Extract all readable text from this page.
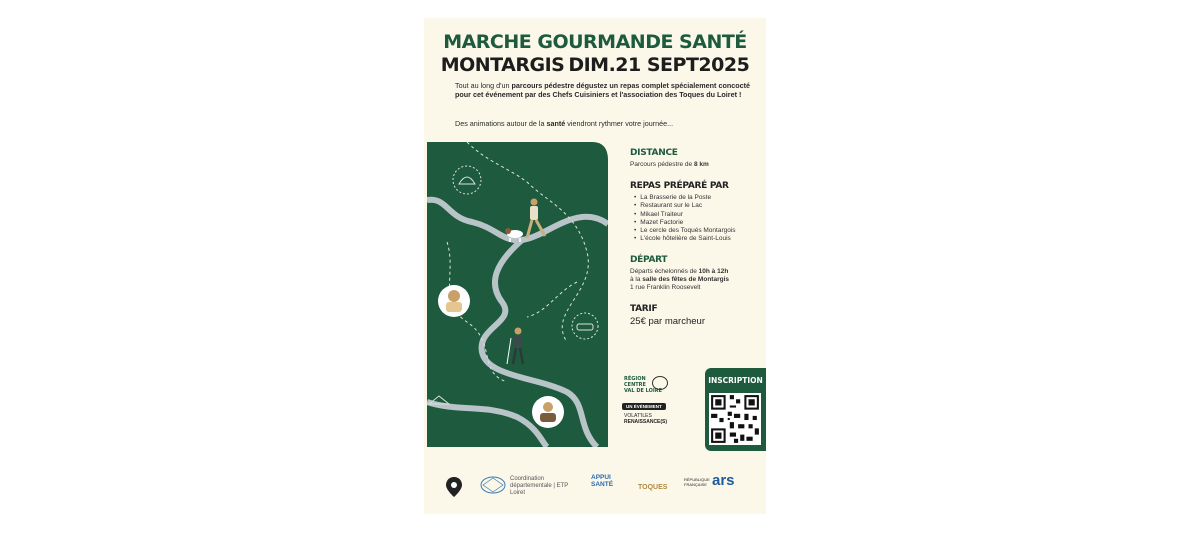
MARCHE GOURMANDE SANTÉ
MONTARGIS DIM.21 SEPT2025
Tout au long d'un parcours pédestre dégustez un repas complet spécialement concocté pour cet événement par des Chefs Cuisiniers et l'association des Toques du Loiret !
Des animations autour de la santé viendront rythmer votre journée...
DISTANCE
Parcours pédestre de 8 km
REPAS PRÉPARÉ PAR
• La Brasserie de la Poste
• Restaurant sur le Lac
• Mikael Traiteur
• Mazet Factorie
• Le cercle des Toqués Montargois
• L'école hôtelière de Saint-Louis
DÉPART
Départs échelonnés de 10h à 12h
à la salle des fêtes de Montargis
1 rue Franklin Roosevelt
TARIF
25€ par marcheur
RÉGION
CENTRE
VAL DE LOIRE
UN ÉVÉNEMENT
VOLAT'ILES
RENAISSANCE(S)
INSCRIPTION
Coordination
départementale | ETP
Loiret
APPUI
SANTÉ	TOQUES
RÉPUBLIQUE
FRANÇAISE ars
